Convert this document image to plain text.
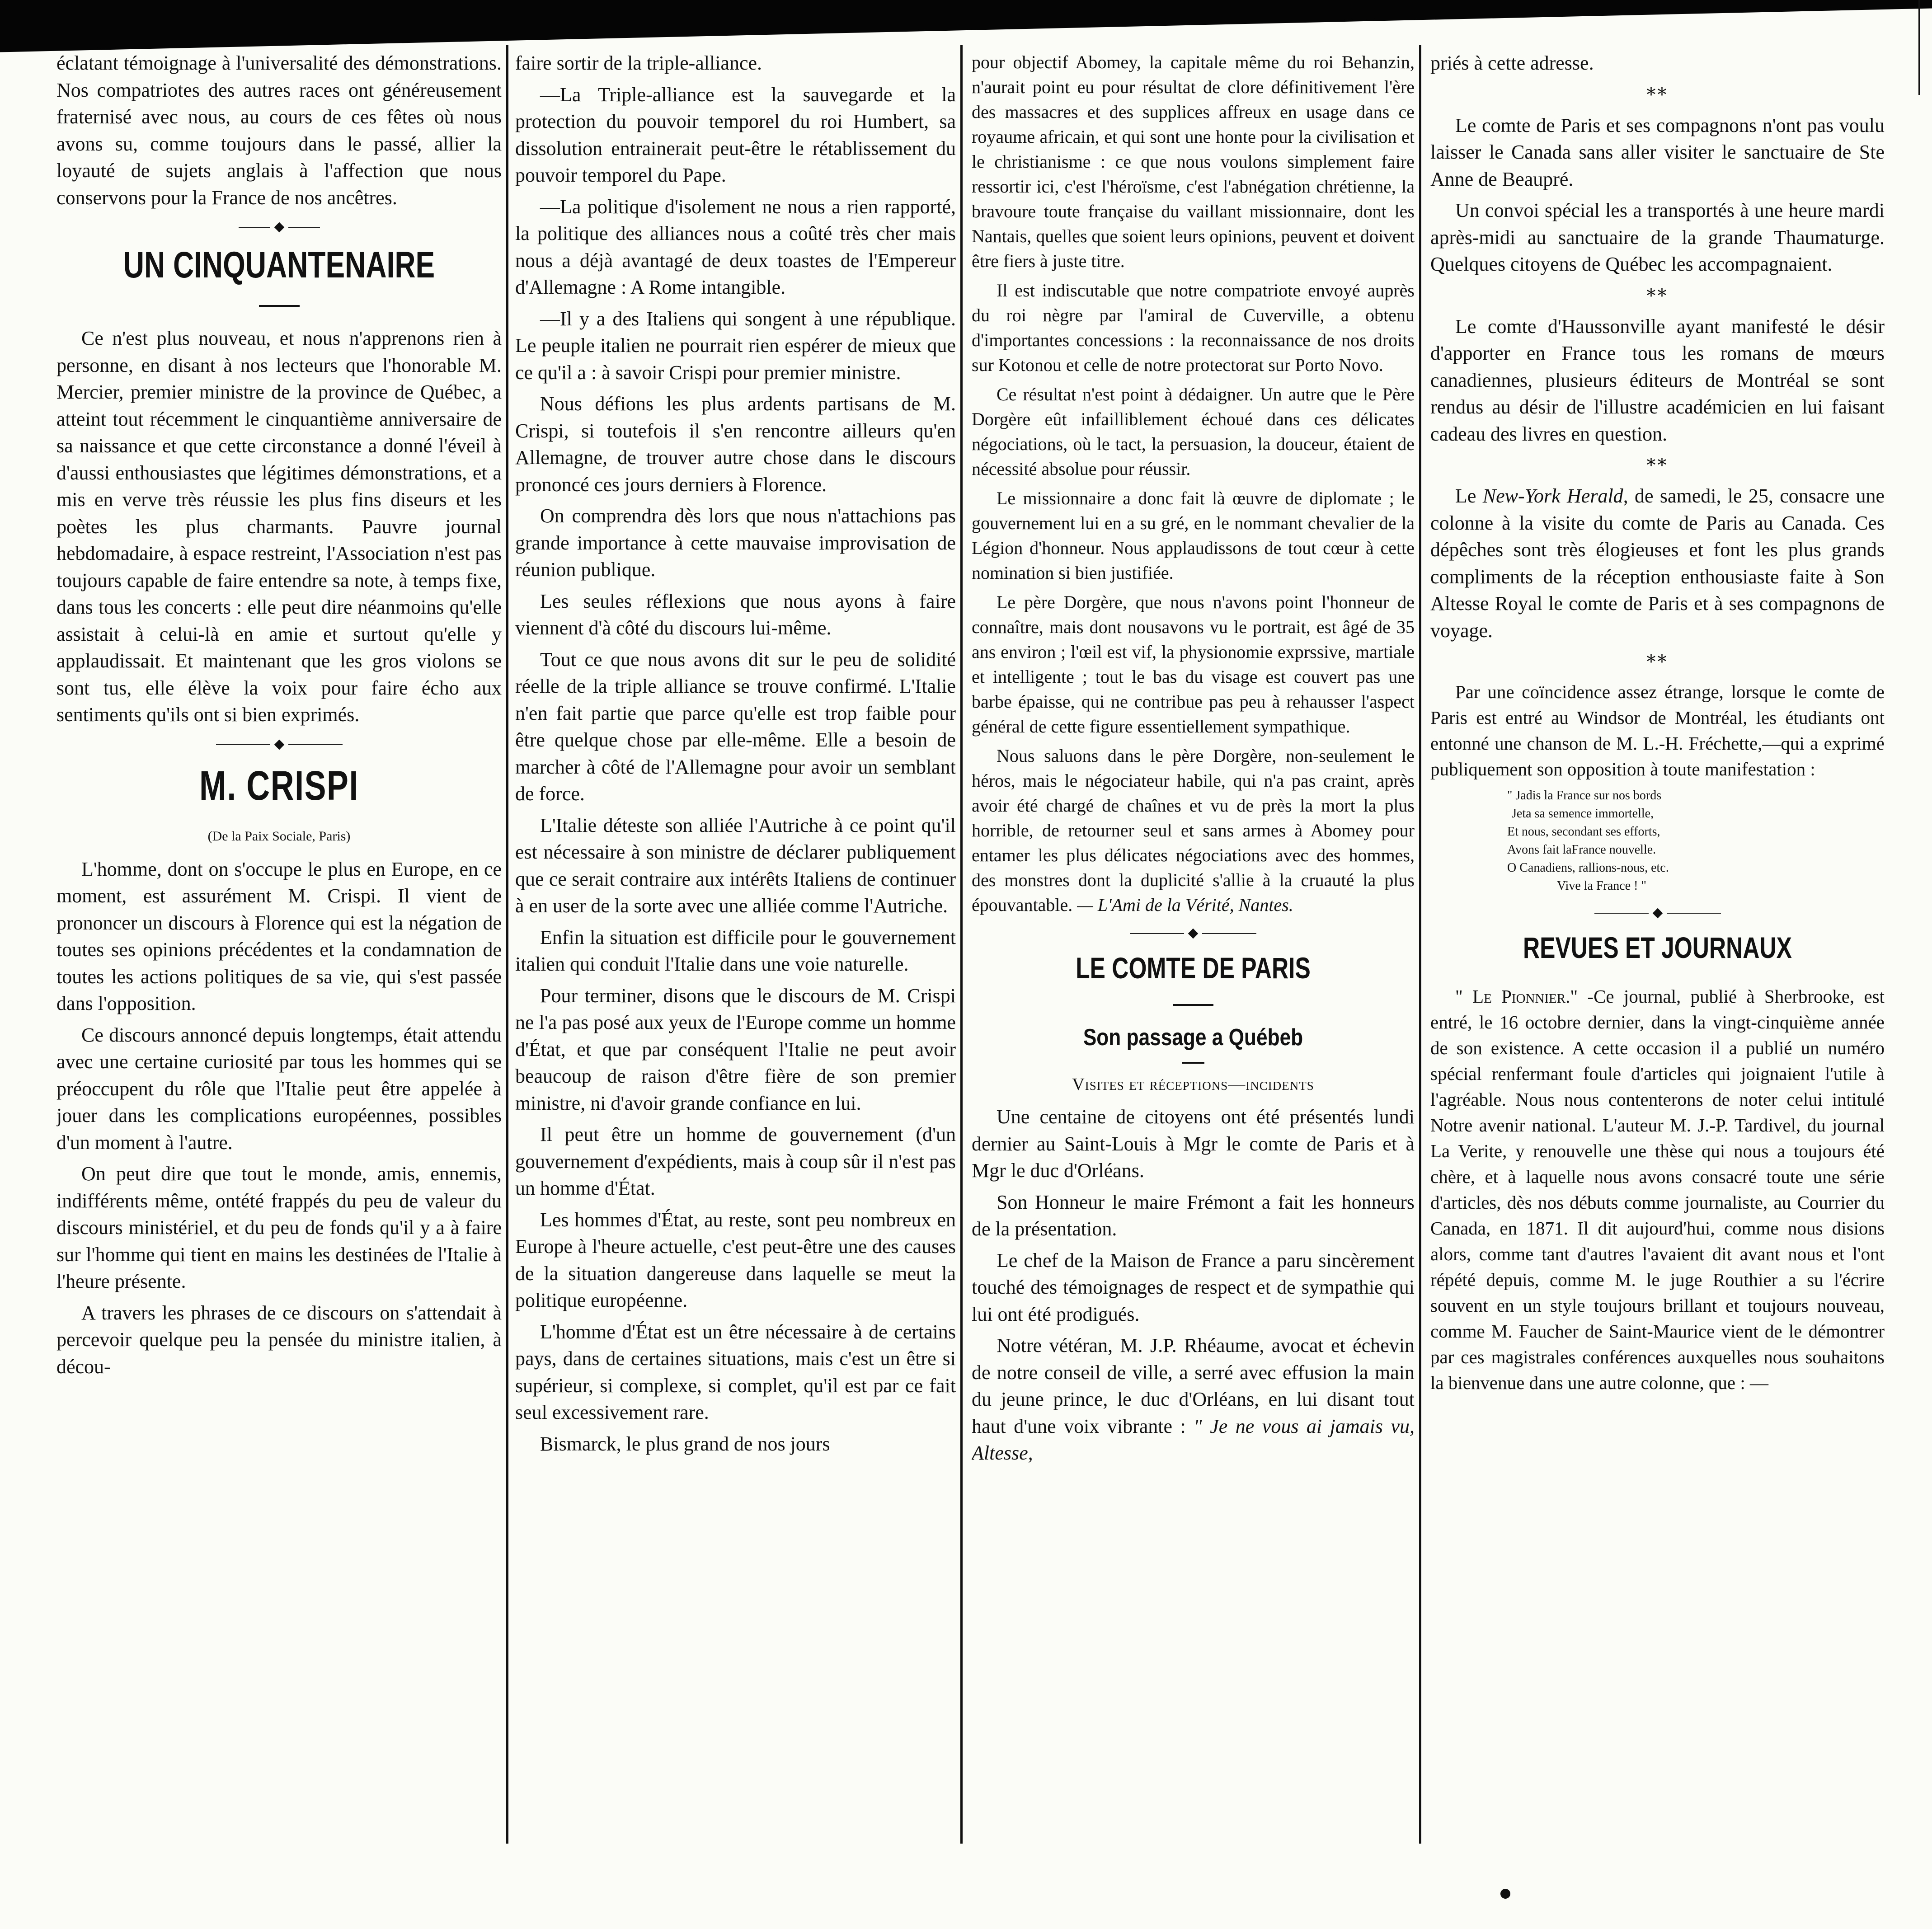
éclatant témoignage à l'universalité des démonstrations. Nos compatriotes des autres races ont généreusement fraternisé avec nous, au cours de ces fêtes où nous avons su, comme toujours dans le passé, allier la loyauté de sujets anglais à l'affection que nous conservons pour la France de nos ancêtres.

UN CINQUANTENAIRE

Ce n'est plus nouveau, et nous n'apprenons rien à personne, en disant à nos lecteurs que l'honorable M. Mercier, premier ministre de la province de Québec, a atteint tout récemment le cinquantième anniversaire de sa naissance et que cette circonstance a donné l'éveil à d'aussi enthousiastes que légitimes démonstrations, et a mis en verve très réussie les plus fins diseurs et les poètes les plus charmants. Pauvre journal hebdomadaire, à espace restreint, l'Association n'est pas toujours capable de faire entendre sa note, à temps fixe, dans tous les concerts : elle peut dire néanmoins qu'elle assistait à celui-là en amie et surtout qu'elle y applaudissait. Et maintenant que les gros violons se sont tus, elle élève la voix pour faire écho aux sentiments qu'ils ont si bien exprimés.

M. CRISPI
(De la Paix Sociale, Paris)

L'homme, dont on s'occupe le plus en Europe, en ce moment, est assurément M. Crispi. Il vient de prononcer un discours à Florence qui est la négation de toutes ses opinions précédentes et la condamnation de toutes les actions politiques de sa vie, qui s'est passée dans l'opposition.

Ce discours annoncé depuis longtemps, était attendu avec une certaine curiosité par tous les hommes qui se préoccupent du rôle que l'Italie peut être appelée à jouer dans les complications européennes, possibles d'un moment à l'autre.

On peut dire que tout le monde, amis, ennemis, indifférents même, ontété frappés du peu de valeur du discours ministériel, et du peu de fonds qu'il y a à faire sur l'homme qui tient en mains les destinées de l'Italie à l'heure présente.

A travers les phrases de ce discours on s'attendait à percevoir quelque peu la pensée du ministre italien, à décou-

faire sortir de la triple-alliance.

—La Triple-alliance est la sauvegarde et la protection du pouvoir temporel du roi Humbert, sa dissolution entrainerait peut-être le rétablissement du pouvoir temporel du Pape.

—La politique d'isolement ne nous a rien rapporté, la politique des alliances nous a coûté très cher mais nous a déjà avantagé de deux toastes de l'Empereur d'Allemagne : A Rome intangible.

—Il y a des Italiens qui songent à une république. Le peuple italien ne pourrait rien espérer de mieux que ce qu'il a : à savoir Crispi pour premier ministre.

Nous défions les plus ardents partisans de M. Crispi, si toutefois il s'en rencontre ailleurs qu'en Allemagne, de trouver autre chose dans le discours prononcé ces jours derniers à Florence.

On comprendra dès lors que nous n'attachions pas grande importance à cette mauvaise improvisation de réunion publique.

Les seules réflexions que nous ayons à faire viennent d'à côté du discours lui-même.

Tout ce que nous avons dit sur le peu de solidité réelle de la triple alliance se trouve confirmé. L'Italie n'en fait partie que parce qu'elle est trop faible pour être quelque chose par elle-même. Elle a besoin de marcher à côté de l'Allemagne pour avoir un semblant de force.

L'Italie déteste son alliée l'Autriche à ce point qu'il est nécessaire à son ministre de déclarer publiquement que ce serait contraire aux intérêts Italiens de continuer à en user de la sorte avec une alliée comme l'Autriche.

Enfin la situation est difficile pour le gouvernement italien qui conduit l'Italie dans une voie naturelle.

Pour terminer, disons que le discours de M. Crispi ne l'a pas posé aux yeux de l'Europe comme un homme d'État, et que par conséquent l'Italie ne peut avoir beaucoup de raison d'être fière de son premier ministre, ni d'avoir grande confiance en lui.

Il peut être un homme de gouvernement (d'un gouvernement d'expédients, mais à coup sûr il n'est pas un homme d'État.

Les hommes d'État, au reste, sont peu nombreux en Europe à l'heure actuelle, c'est peut-être une des causes de la situation dangereuse dans laquelle se meut la politique européenne.

L'homme d'État est un être nécessaire à de certains pays, dans de certaines situations, mais c'est un être si supérieur, si complexe, si complet, qu'il est par ce fait seul excessivement rare.

Bismarck, le plus grand de nos jours

pour objectif Abomey, la capitale même du roi Behanzin, n'aurait point eu pour résultat de clore définitivement l'ère des massacres et des supplices affreux en usage dans ce royaume africain, et qui sont une honte pour la civilisation et le christianisme : ce que nous voulons simplement faire ressortir ici, c'est l'héroïsme, c'est l'abnégation chrétienne, la bravoure toute française du vaillant missionnaire, dont les Nantais, quelles que soient leurs opinions, peuvent et doivent être fiers à juste titre.

Il est indiscutable que notre compatriote envoyé auprès du roi nègre par l'amiral de Cuverville, a obtenu d'importantes concessions : la reconnaissance de nos droits sur Kotonou et celle de notre protectorat sur Porto Novo.

Ce résultat n'est point à dédaigner. Un autre que le Père Dorgère eût infailliblement échoué dans ces délicates négociations, où le tact, la persuasion, la douceur, étaient de nécessité absolue pour réussir.

Le missionnaire a donc fait là œuvre de diplomate ; le gouvernement lui en a su gré, en le nommant chevalier de la Légion d'honneur. Nous applaudissons de tout cœur à cette nomination si bien justifiée.

Le père Dorgère, que nous n'avons point l'honneur de connaître, mais dont nousavons vu le portrait, est âgé de 35 ans environ ; l'œil est vif, la physionomie exprssive, martiale et intelligente ; tout le bas du visage est couvert pas une barbe épaisse, qui ne contribue pas peu à rehausser l'aspect général de cette figure essentiellement sympathique.

Nous saluons dans le père Dorgère, non-seulement le héros, mais le négociateur habile, qui n'a pas craint, après avoir été chargé de chaînes et vu de près la mort la plus horrible, de retourner seul et sans armes à Abomey pour entamer les plus délicates négociations avec des hommes, des monstres dont la duplicité s'allie à la cruauté la plus épouvantable. — L'Ami de la Vérité, Nantes.

LE COMTE DE PARIS
Son passage a Québeb
Visites et réceptions—incidents

Une centaine de citoyens ont été présentés lundi dernier au Saint-Louis à Mgr le comte de Paris et à Mgr le duc d'Orléans.

Son Honneur le maire Frémont a fait les honneurs de la présentation.

Le chef de la Maison de France a paru sincèrement touché des témoignages de respect et de sympathie qui lui ont été prodigués.

Notre vétéran, M. J.P. Rhéaume, avocat et échevin de notre conseil de ville, a serré avec effusion la main du jeune prince, le duc d'Orléans, en lui disant tout haut d'une voix vibrante : " Je ne vous ai jamais vu, Altesse,

priés à cette adresse.

**

Le comte de Paris et ses compagnons n'ont pas voulu laisser le Canada sans aller visiter le sanctuaire de Ste Anne de Beaupré.

Un convoi spécial les a transportés à une heure mardi après-midi au sanctuaire de la grande Thaumaturge. Quelques citoyens de Québec les accompagnaient.

**

Le comte d'Haussonville ayant manifesté le désir d'apporter en France tous les romans de mœurs canadiennes, plusieurs éditeurs de Montréal se sont rendus au désir de l'illustre académicien en lui faisant cadeau des livres en question.

**

Le New-York Herald, de samedi, le 25, consacre une colonne à la visite du comte de Paris au Canada. Ces dépêches sont très élogieuses et font les plus grands compliments de la réception enthousiaste faite à Son Altesse Royal le comte de Paris et à ses compagnons de voyage.

**

Par une coïncidence assez étrange, lorsque le comte de Paris est entré au Windsor de Montréal, les étudiants ont entonné une chanson de M. L.-H. Fréchette,—qui a exprimé publiquement son opposition à toute manifestation :

" Jadis la France sur nos bords
Jeta sa semence immortelle,
Et nous, secondant ses efforts,
Avons fait laFrance nouvelle.
O Canadiens, rallions-nous, etc.
Vive la France ! "
REVUES ET JOURNAUX

" Le Pionnier." -Ce journal, publié à Sherbrooke, est entré, le 16 octobre dernier, dans la vingt-cinquième année de son existence. A cette occasion il a publié un numéro spécial renfermant foule d'articles qui joignaient l'utile à l'agréable. Nous nous contenterons de noter celui intitulé Notre avenir national. L'auteur M. J.-P. Tardivel, du journal La Verite, y renouvelle une thèse qui nous a toujours été chère, et à laquelle nous avons consacré toute une série d'articles, dès nos débuts comme journaliste, au Courrier du Canada, en 1871. Il dit aujourd'hui, comme nous disions alors, comme tant d'autres l'avaient dit avant nous et l'ont répété depuis, comme M. le juge Routhier a su l'écrire souvent en un style toujours brillant et toujours nouveau, comme M. Faucher de Saint-Maurice vient de le démontrer par ces magistrales conférences auxquelles nous souhaitons la bienvenue dans une autre colonne, que : —
